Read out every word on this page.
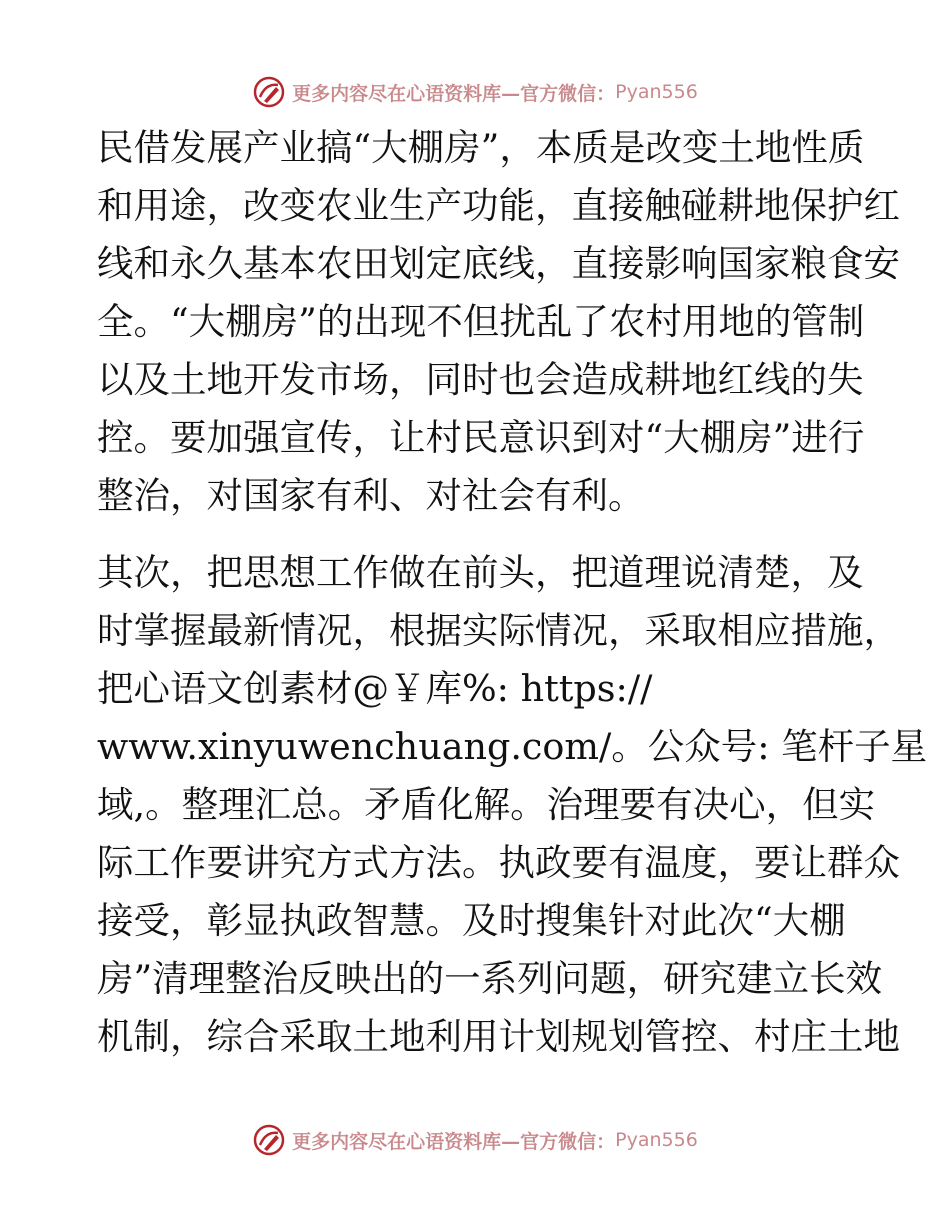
更多内容尽在心语资料库—官方微信： Pyan556
民借发展产业搞“大棚房”，本质是改变土地性质
和用途，改变农业生产功能，直接触碰耕地保护红
线和永久基本农田划定底线，直接影响国家粮食安
全。“大棚房”的出现不但扰乱了农村用地的管制
以及土地开发市场，同时也会造成耕地红线的失
控。要加强宣传，让村民意识到对“大棚房”进行
整治，对国家有利、对社会有利。
其次，把思想工作做在前头，把道理说清楚，及
时掌握最新情况，根据实际情况，采取相应措施，
把心语文创素材@￥库%: https://
www.xinyuwenchuang.com/。公众号: 笔杆子星
域,。整理汇总。矛盾化解。治理要有决心，但实
际工作要讲究方式方法。执政要有温度，要让群众
接受，彰显执政智慧。及时搜集针对此次“大棚
房”清理整治反映出的一系列问题，研究建立长效
机制，综合采取土地利用计划规划管控、村庄土地
更多内容尽在心语资料库—官方微信： Pyan556
